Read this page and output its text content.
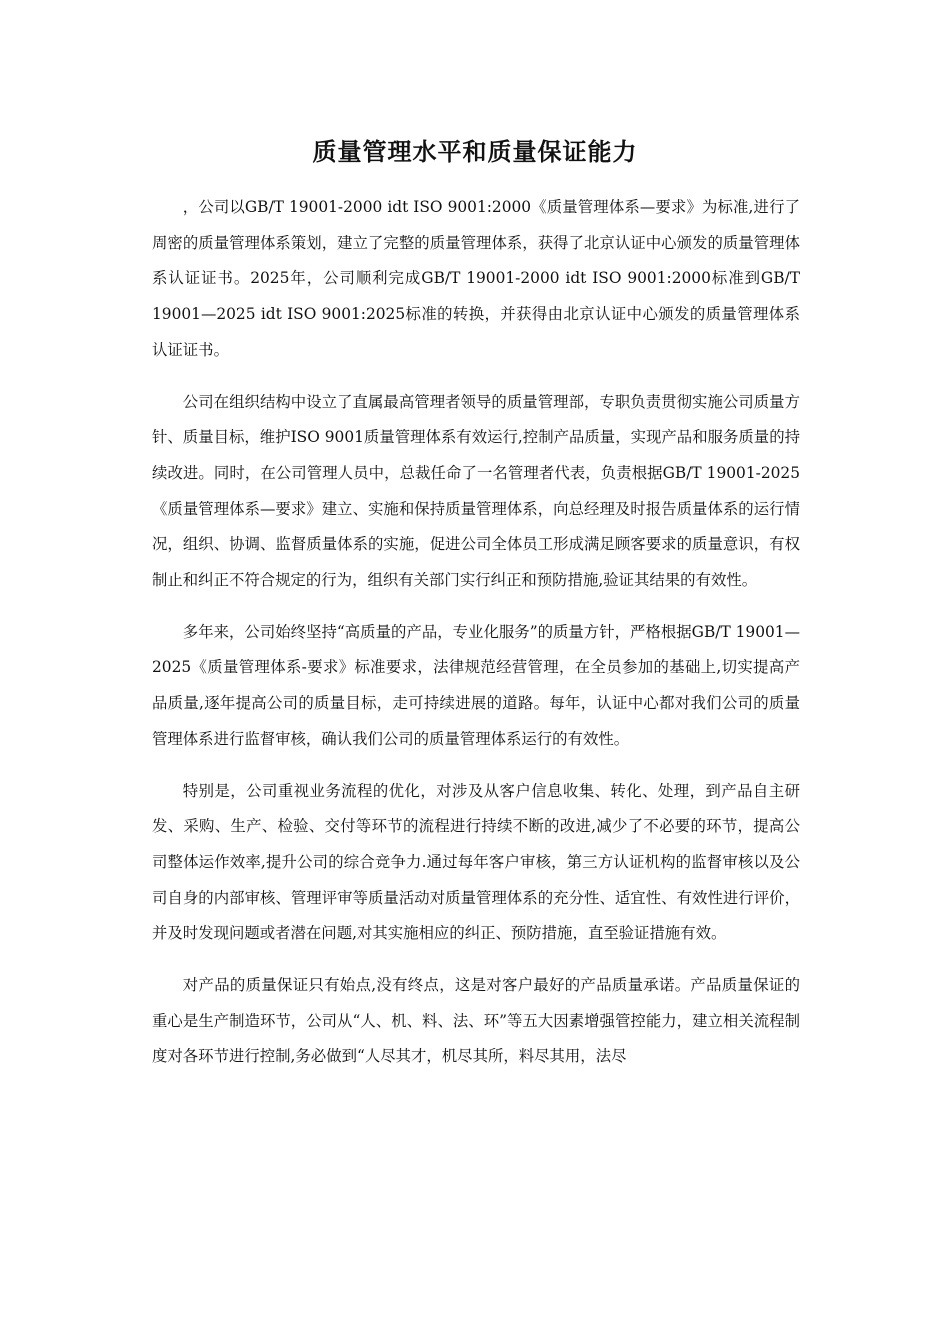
质量管理水平和质量保证能力

，公司以GB/T 19001-2000 idt ISO 9001:2000《质量管理体系—要求》为标准,进行了周密的质量管理体系策划，建立了完整的质量管理体系，获得了北京认证中心颁发的质量管理体系认证证书。2025年，公司顺利完成GB/T 19001-2000 idt ISO 9001:2000标准到GB/T 19001—2025 idt ISO 9001:2025标准的转换，并获得由北京认证中心颁发的质量管理体系认证证书。

公司在组织结构中设立了直属最高管理者领导的质量管理部，专职负责贯彻实施公司质量方针、质量目标，维护ISO 9001质量管理体系有效运行,控制产品质量，实现产品和服务质量的持续改进。同时，在公司管理人员中，总裁任命了一名管理者代表，负责根据GB/T 19001-2025《质量管理体系—要求》建立、实施和保持质量管理体系，向总经理及时报告质量体系的运行情况，组织、协调、监督质量体系的实施，促进公司全体员工形成满足顾客要求的质量意识，有权制止和纠正不符合规定的行为，组织有关部门实行纠正和预防措施,验证其结果的有效性。

多年来，公司始终坚持“高质量的产品，专业化服务”的质量方针，严格根据GB/T 19001—2025《质量管理体系-要求》标准要求，法律规范经营管理，在全员参加的基础上,切实提高产品质量,逐年提高公司的质量目标，走可持续进展的道路。每年，认证中心都对我们公司的质量管理体系进行监督审核，确认我们公司的质量管理体系运行的有效性。

特别是，公司重视业务流程的优化，对涉及从客户信息收集、转化、处理，到产品自主研发、采购、生产、检验、交付等环节的流程进行持续不断的改进,减少了不必要的环节，提高公司整体运作效率,提升公司的综合竞争力.通过每年客户审核，第三方认证机构的监督审核以及公司自身的内部审核、管理评审等质量活动对质量管理体系的充分性、适宜性、有效性进行评价，并及时发现问题或者潜在问题,对其实施相应的纠正、预防措施，直至验证措施有效。

对产品的质量保证只有始点,没有终点，这是对客户最好的产品质量承诺。产品质量保证的重心是生产制造环节，公司从“人、机、料、法、环”等五大因素增强管控能力，建立相关流程制度对各环节进行控制,务必做到“人尽其才，机尽其所，料尽其用，法尽
